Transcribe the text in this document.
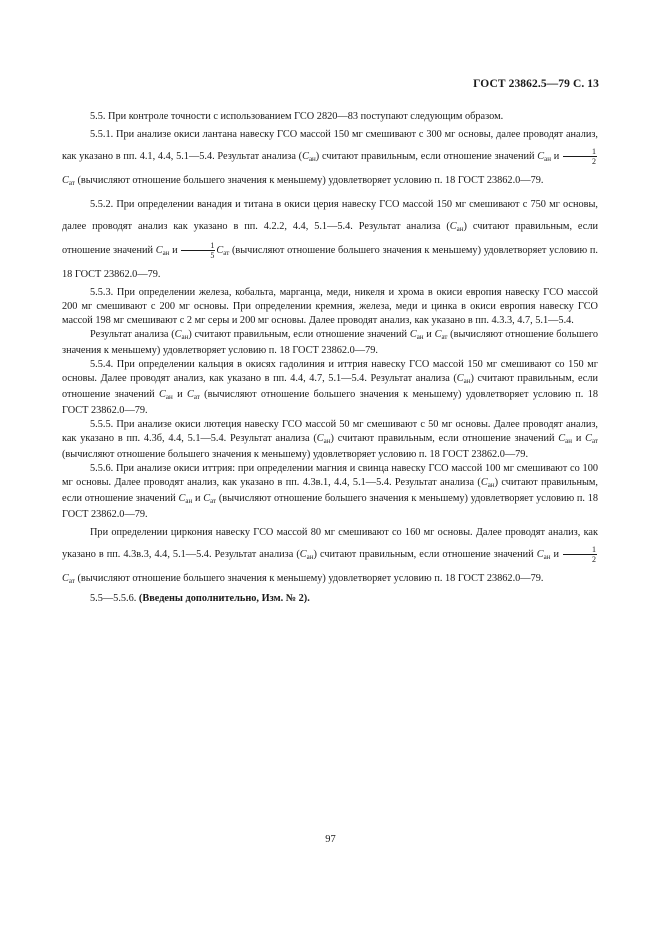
ГОСТ 23862.5—79 С. 13

5.5. При контроле точности с использованием ГСО 2820—83 поступают следующим образом.

5.5.1. При анализе окиси лантана навеску ГСО массой 150 мг смешивают с 300 мг основы, далее проводят анализ, как указано в пп. 4.1, 4.4, 5.1—5.4. Результат анализа $(C_{ан})$ считают правильным, если отношение значений $C_{ан}$ и $\frac{1}{2}$
$C_{ат}$ (вычисляют отношение большего значения к меньшему) удовлетворяет условию п. 18 ГОСТ 23862.0—79.

5.5.2. При определении ванадия и титана в окиси церия навеску ГСО массой 150 мг смешивают с 750 мг основы, далее проводят анализ как указано в пп. 4.2.2, 4.4, 5.1—5.4. Результат анализа $(C_{ан})$ считают правильным, если отношение значений $C_{ан}$ и $\frac{1}{5} C_{ат}$ (вычисляют отношение большего значения к меньшему) удовлетворяет условию п. 18 ГОСТ 23862.0—79.

5.5.3. При определении железа, кобальта, марганца, меди, никеля и хрома в окиси европия навеску ГСО массой 200 мг смешивают с 200 мг основы. При определении кремния, железа, меди и цинка в окиси европия навеску ГСО массой 198 мг смешивают с 2 мг серы и 200 мг основы. Далее проводят анализ, как указано в пп. 4.3.3, 4.7, 5.1—5.4.

Результат анализа $(C_{ан})$ считают правильным, если отношение значений $C_{ан}$ и $C_{ат}$ (вычисляют отношение большего значения к меньшему) удовлетворяет условию п. 18 ГОСТ 23862.0—79.

5.5.4. При определении кальция в окисях гадолиния и иттрия навеску ГСО массой 150 мг смешивают со 150 мг основы. Далее проводят анализ, как указано в пп. 4.4, 4.7, 5.1—5.4. Результат анализа $(C_{ан})$ считают правильным, если отношение значений $C_{ан}$ и $C_{ат}$ (вычисляют отношение большего значения к меньшему) удовлетворяет условию п. 18 ГОСТ 23862.0—79.

5.5.5. При анализе окиси лютеция навеску ГСО массой 50 мг смешивают с 50 мг основы. Далее проводят анализ, как указано в пп. 4.3б, 4.4, 5.1—5.4. Результат анализа $(C_{ан})$ считают правильным, если отношение значений $C_{ан}$ и $C_{ат}$ (вычисляют отношение большего значения к меньшему) удовлетворяет условию п. 18 ГОСТ 23862.0—79.

5.5.6. При анализе окиси иттрия: при определении магния и свинца навеску ГСО массой 100 мг смешивают со 100 мг основы. Далее проводят анализ, как указано в пп. 4.3в.1, 4.4, 5.1—5.4. Результат анализа $(C_{ан})$ считают правильным, если отношение значений $C_{ан}$ и $C_{ат}$ (вычисляют отношение большего значения к меньшему) удовлетворяет условию п. 18 ГОСТ 23862.0—79.

При определении циркония навеску ГСО массой 80 мг смешивают со 160 мг основы. Далее проводят анализ, как указано в пп. 4.3в.3, 4.4, 5.1—5.4. Результат анализа $(C_{ан})$ считают правильным, если отношение значений $C_{ан}$ и $\frac{1}{2}$
$C_{ат}$ (вычисляют отношение большего значения к меньшему) удовлетворяет условию п. 18 ГОСТ 23862.0—79.

5.5—5.5.6. (Введены дополнительно, Изм. № 2).

97
